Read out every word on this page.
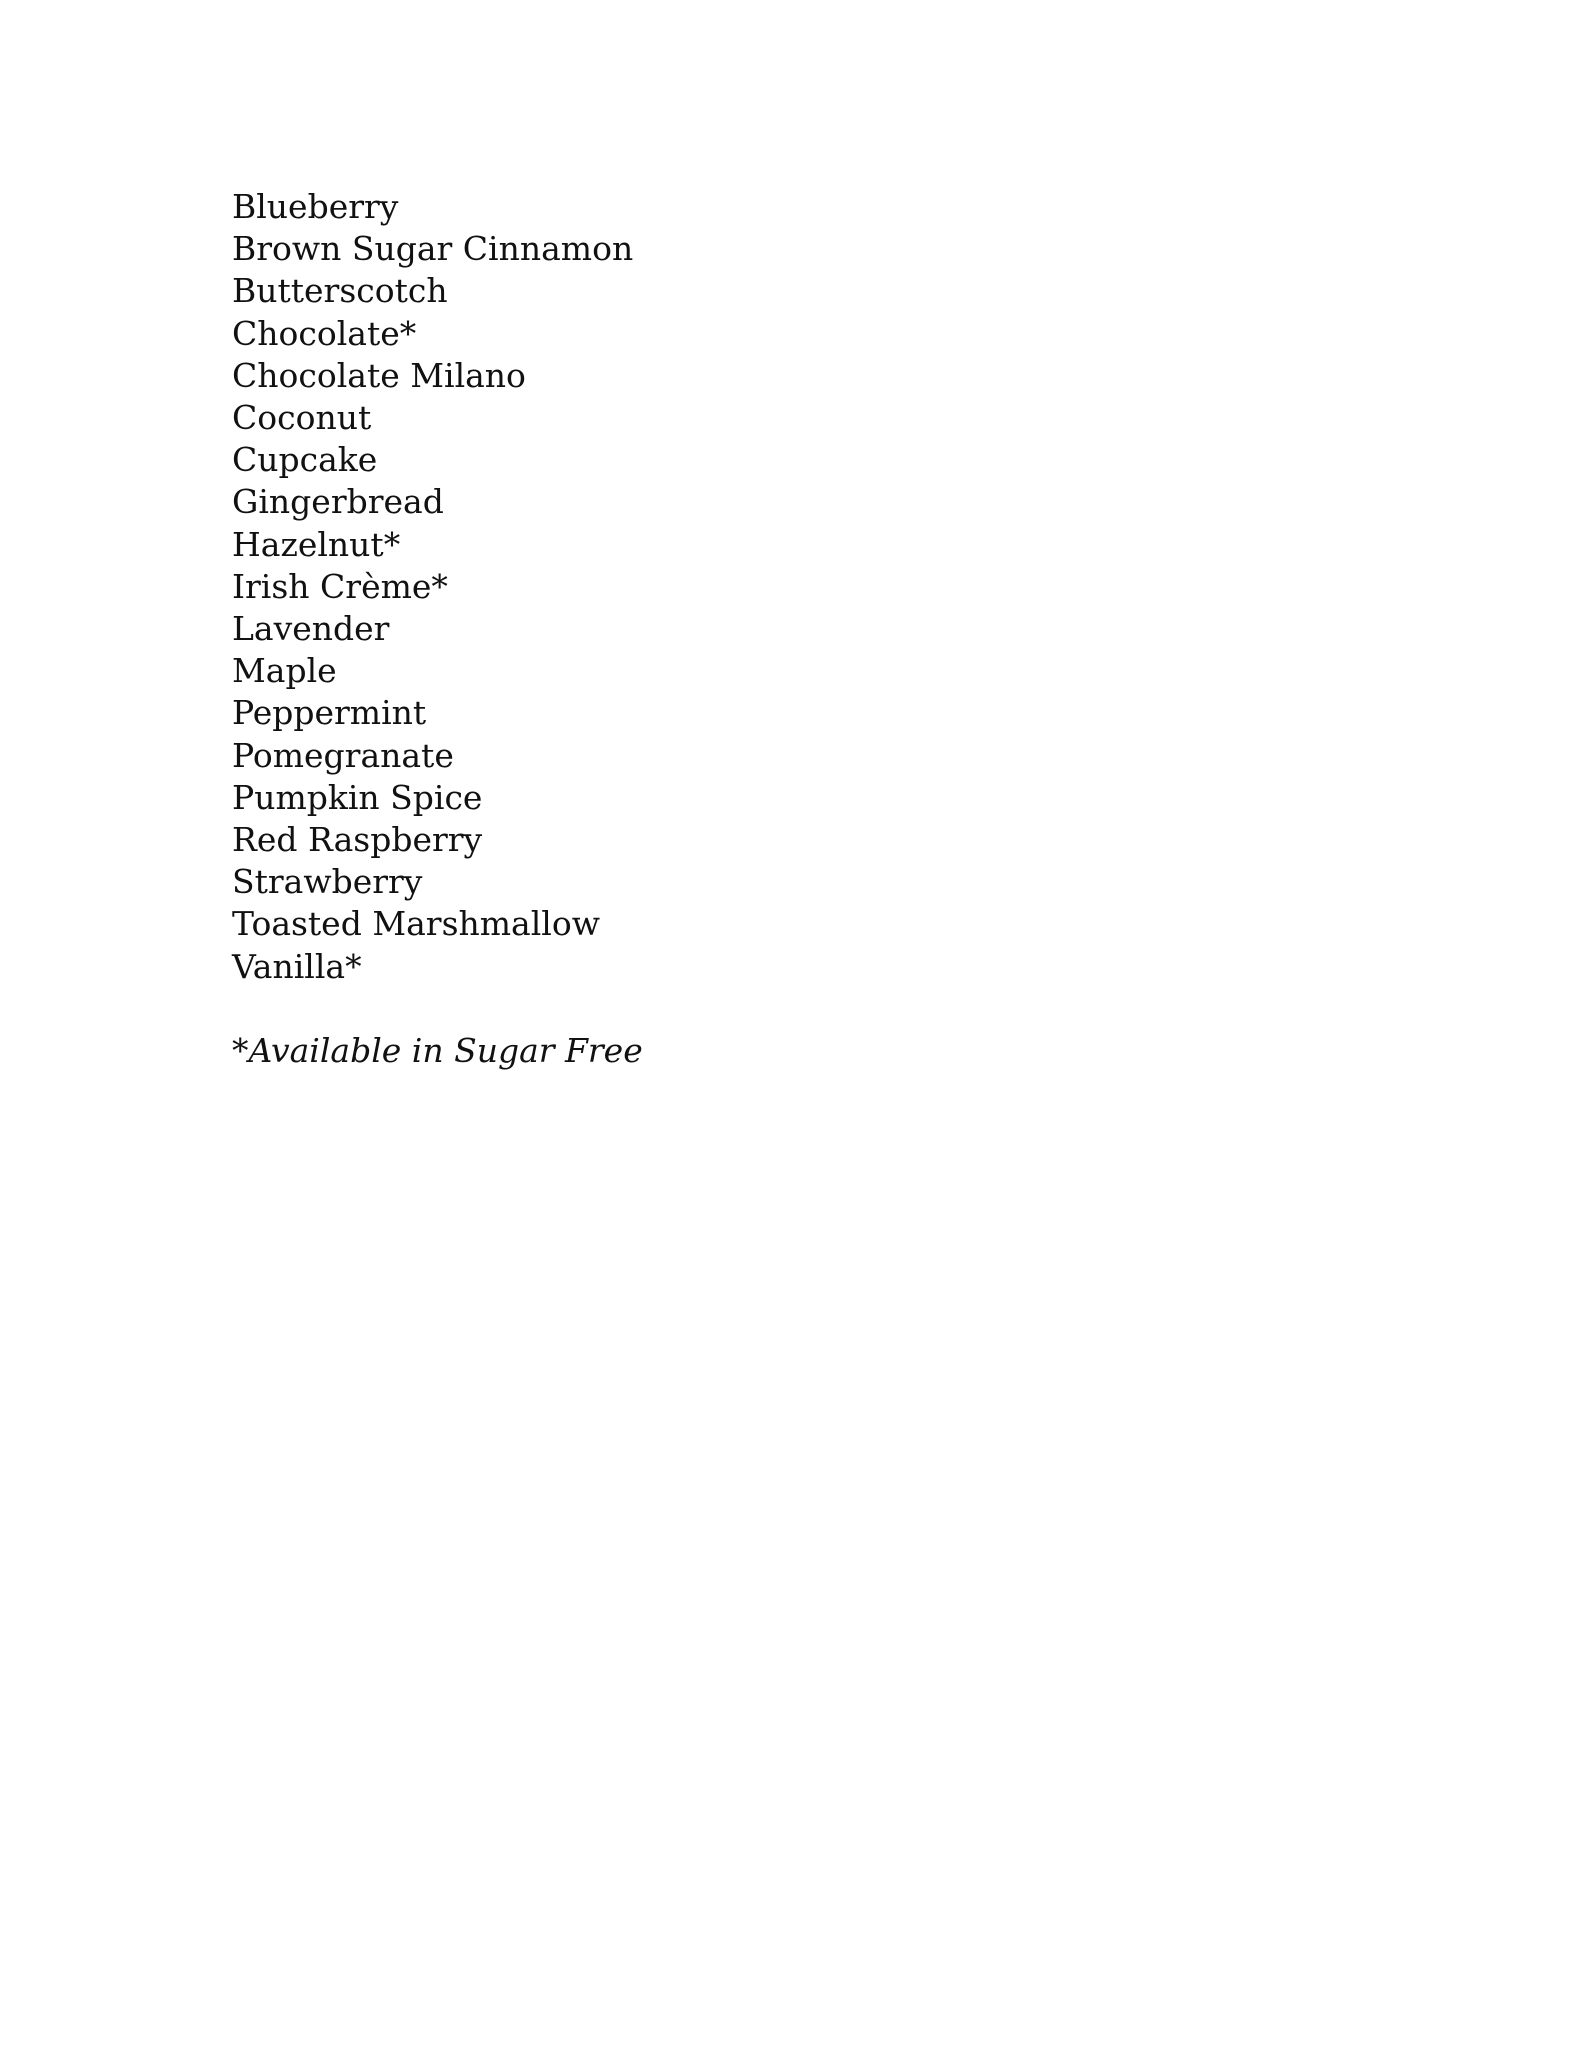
Blueberry
Brown Sugar Cinnamon
Butterscotch
Chocolate*
Chocolate Milano
Coconut
Cupcake
Gingerbread
Hazelnut*
Irish Crème*
Lavender
Maple
Peppermint
Pomegranate
Pumpkin Spice
Red Raspberry
Strawberry
Toasted Marshmallow
Vanilla*

*Available in Sugar Free
